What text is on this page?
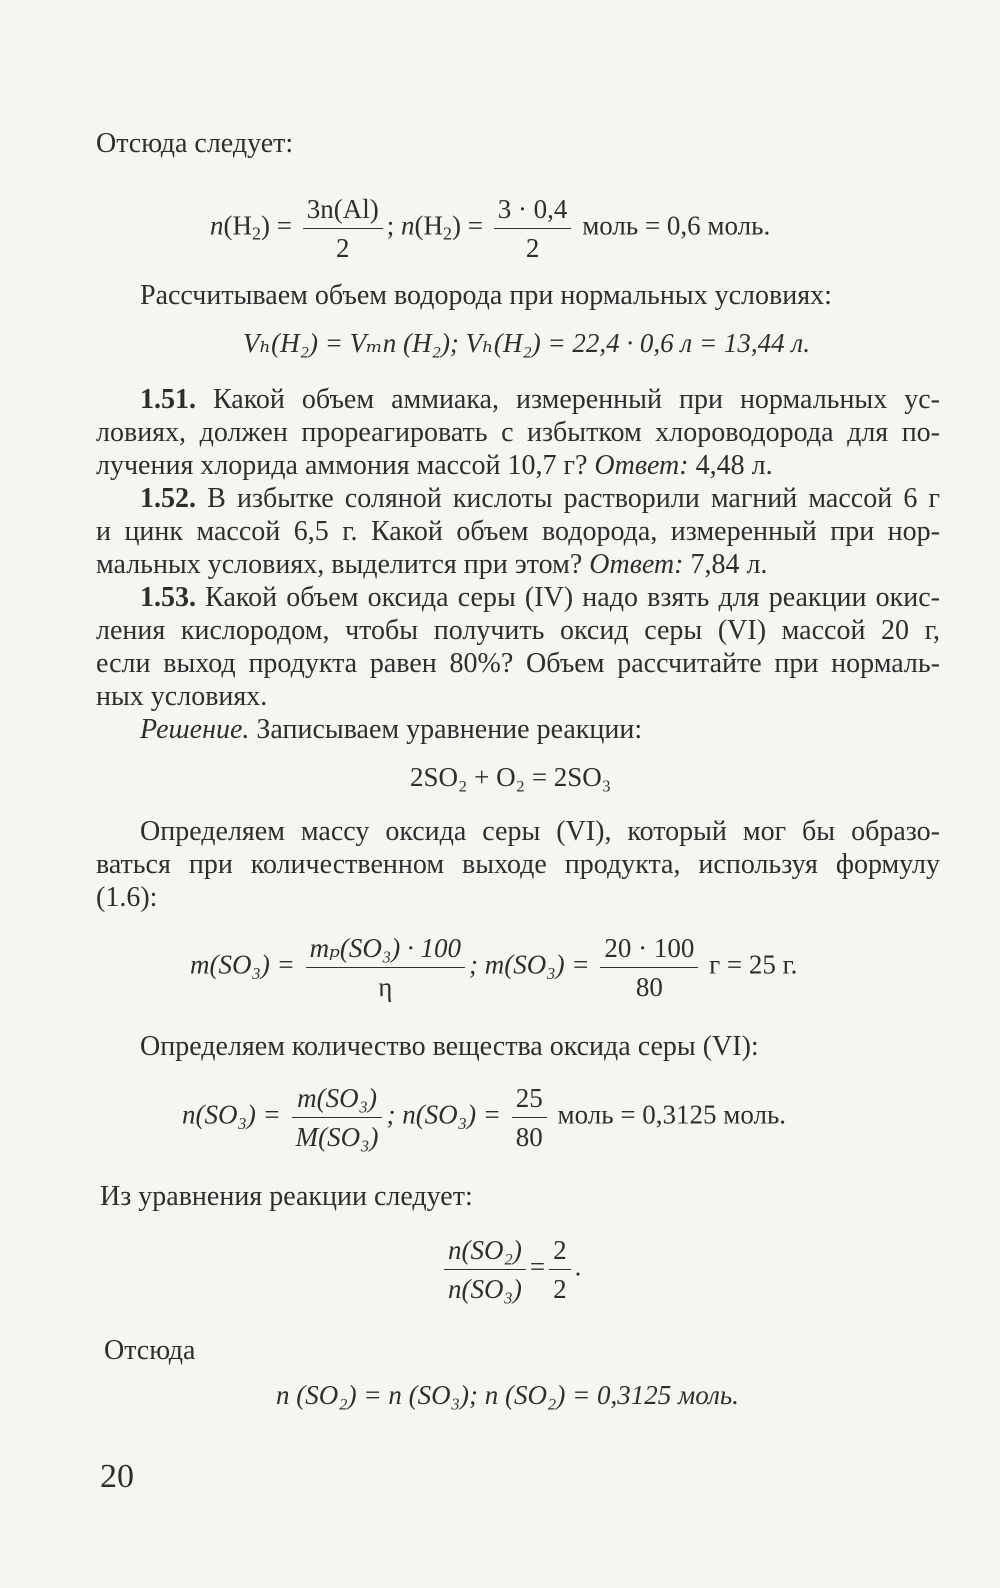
Отсюда следует:
$n(H_2) = \frac{3n(Al)}{2}$ ; $n(H_2) = \frac{3 \cdot 0,4}{2}$ моль = 0,6 моль.
Рассчитываем объем водорода при нормальных условиях:
Vₕ(H₂) = Vₘn (H₂); Vₕ(H₂) = 22,4 · 0,6 л = 13,44 л.
1.51. Какой объем аммиака, измеренный при нормальных ус-
ловиях, должен прореагировать с избытком хлороводорода для по-
лучения хлорида аммония массой 10,7 г? Ответ: 4,48 л.
1.52. В избытке соляной кислоты растворили магний массой 6 г
и цинк массой 6,5 г. Какой объем водорода, измеренный при нор-
мальных условиях, выделится при этом? Ответ: 7,84 л.
1.53. Какой объем оксида серы (IV) надо взять для реакции окис-
ления кислородом, чтобы получить оксид серы (VI) массой 20 г,
если выход продукта равен 80%? Объем рассчитайте при нормаль-
ных условиях.
Решение. Записываем уравнение реакции:
2SO₂ + O₂ = 2SO₃
Определяем массу оксида серы (VI), который мог бы образо-
ваться при количественном выходе продукта, используя формулу
(1.6):
$m(SO_3) = \frac{\text{mₚ(SO₃) · 100}}{\eta}$ ; $m(SO_3) = \frac{20 \cdot 100}{80}$ г = 25 г.
Определяем количество вещества оксида серы (VI):
$n(SO_3) = \frac{\text{m(SO₃)}}{\text{M(SO₃)}}$ ; $n(SO_3) = \frac{25}{80}$ моль = 0,3125 моль.
Из уравнения реакции следует:
$\frac{\text{n(SO₂)}}{\text{n(SO₃)}} = \frac{2}{2}$ .
Отсюда
n (SO₂) = n (SO₃); n (SO₂) = 0,3125 моль.
20
